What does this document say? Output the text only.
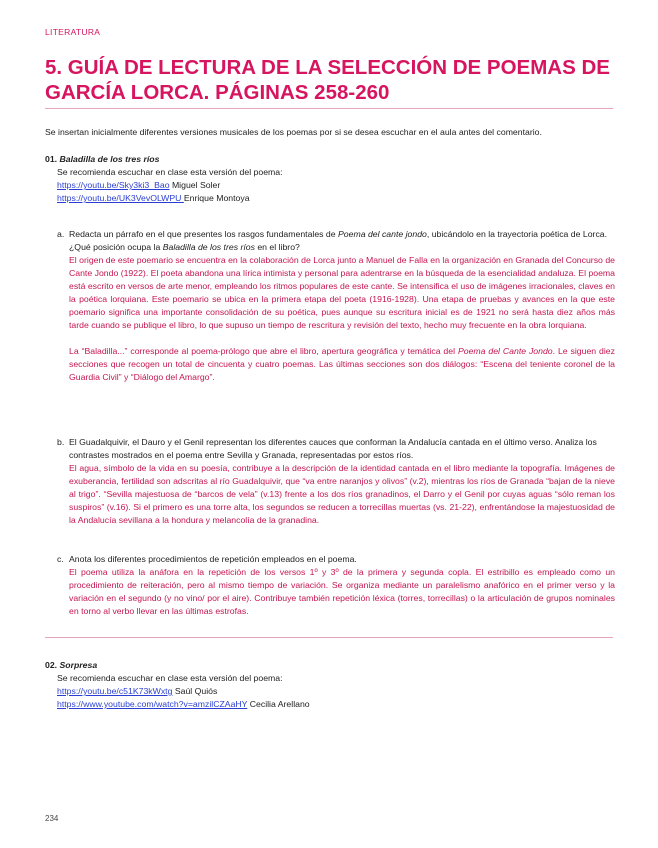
LITERATURA
5. GUÍA DE LECTURA DE LA SELECCIÓN DE POEMAS DE GARCÍA LORCA. PÁGINAS 258-260
Se insertan inicialmente diferentes versiones musicales de los poemas por si se desea escuchar en el aula antes del comentario.
01. Baladilla de los tres ríos
Se recomienda escuchar en clase esta versión del poema:
https://youtu.be/Sky3ki3_Bao Miguel Soler
https://youtu.be/UK3VevOLWPU Enrique Montoya
a. Redacta un párrafo en el que presentes los rasgos fundamentales de Poema del cante jondo, ubicándolo en la trayectoria poética de Lorca. ¿Qué posición ocupa la Baladilla de los tres ríos en el libro?

El origen de este poemario se encuentra en la colaboración de Lorca junto a Manuel de Falla en la organización en Granada del Concurso de Cante Jondo (1922). El poeta abandona una lírica intimista y personal para adentrarse en la búsqueda de la esencialidad andaluza. El poema está escrito en versos de arte menor, empleando los ritmos populares de este cante. Se intensifica el uso de imágenes irracionales, claves en la poética lorquiana. Este poemario se ubica en la primera etapa del poeta (1916-1928). Una etapa de pruebas y avances en la que este poemario significa una importante consolidación de su poética, pues aunque su escritura inicial es de 1921 no será hasta diez años más tarde cuando se publique el libro, lo que supuso un tiempo de rescritura y revisión del texto, hecho muy frecuente en la obra lorquiana.

La “Baladilla...” corresponde al poema-prólogo que abre el libro, apertura geográfica y temática del Poema del Cante Jondo. Le siguen diez secciones que recogen un total de cincuenta y cuatro poemas. Las últimas secciones son dos diálogos: “Escena del teniente coronel de la Guardia Civil” y “Diálogo del Amargo”.

b. El Guadalquivir, el Dauro y el Genil representan los diferentes cauces que conforman la Andalucía cantada en el último verso. Analiza los contrastes mostrados en el poema entre Sevilla y Granada, representadas por estos ríos.
El agua, símbolo de la vida en su poesía, contribuye a la descripción de la identidad cantada en el libro mediante la topografía. Imágenes de exuberancia, fertilidad son adscritas al río Guadalquivir, que “va entre naranjos y olivos” (v.2), mientras los ríos de Granada “bajan de la nieve al trigo”. “Sevilla majestuosa de “barcos de vela” (v.13) frente a los dos ríos granadinos, el Darro y el Genil por cuyas aguas “sólo reman los suspiros” (v.16). Si el primero es una torre alta, los segundos se reducen a torrecillas muertas (vs. 21-22), enfrentándose la majestuosidad de la Andalucía sevillana a la hondura y melancolía de la granadina.
c. Anota los diferentes procedimientos de repetición empleados en el poema.
El poema utiliza la anáfora en la repetición de los versos 1º y 3º de la primera y segunda copla. El estribillo es empleado como un procedimiento de reiteración, pero al mismo tiempo de variación. Se organiza mediante un paralelismo anafórico en el primer verso y la variación en el segundo (y no vino/ por el aire). Contribuye también repetición léxica (torres, torrecillas) o la articulación de grupos nominales en torno al verbo llevar en las últimas estrofas.
02. Sorpresa
Se recomienda escuchar en clase esta versión del poema:
https://youtu.be/c51K73kWxtg Saúl Quiós
https://www.youtube.com/watch?v=amzilCZAaHY Cecilia Arellano
234
